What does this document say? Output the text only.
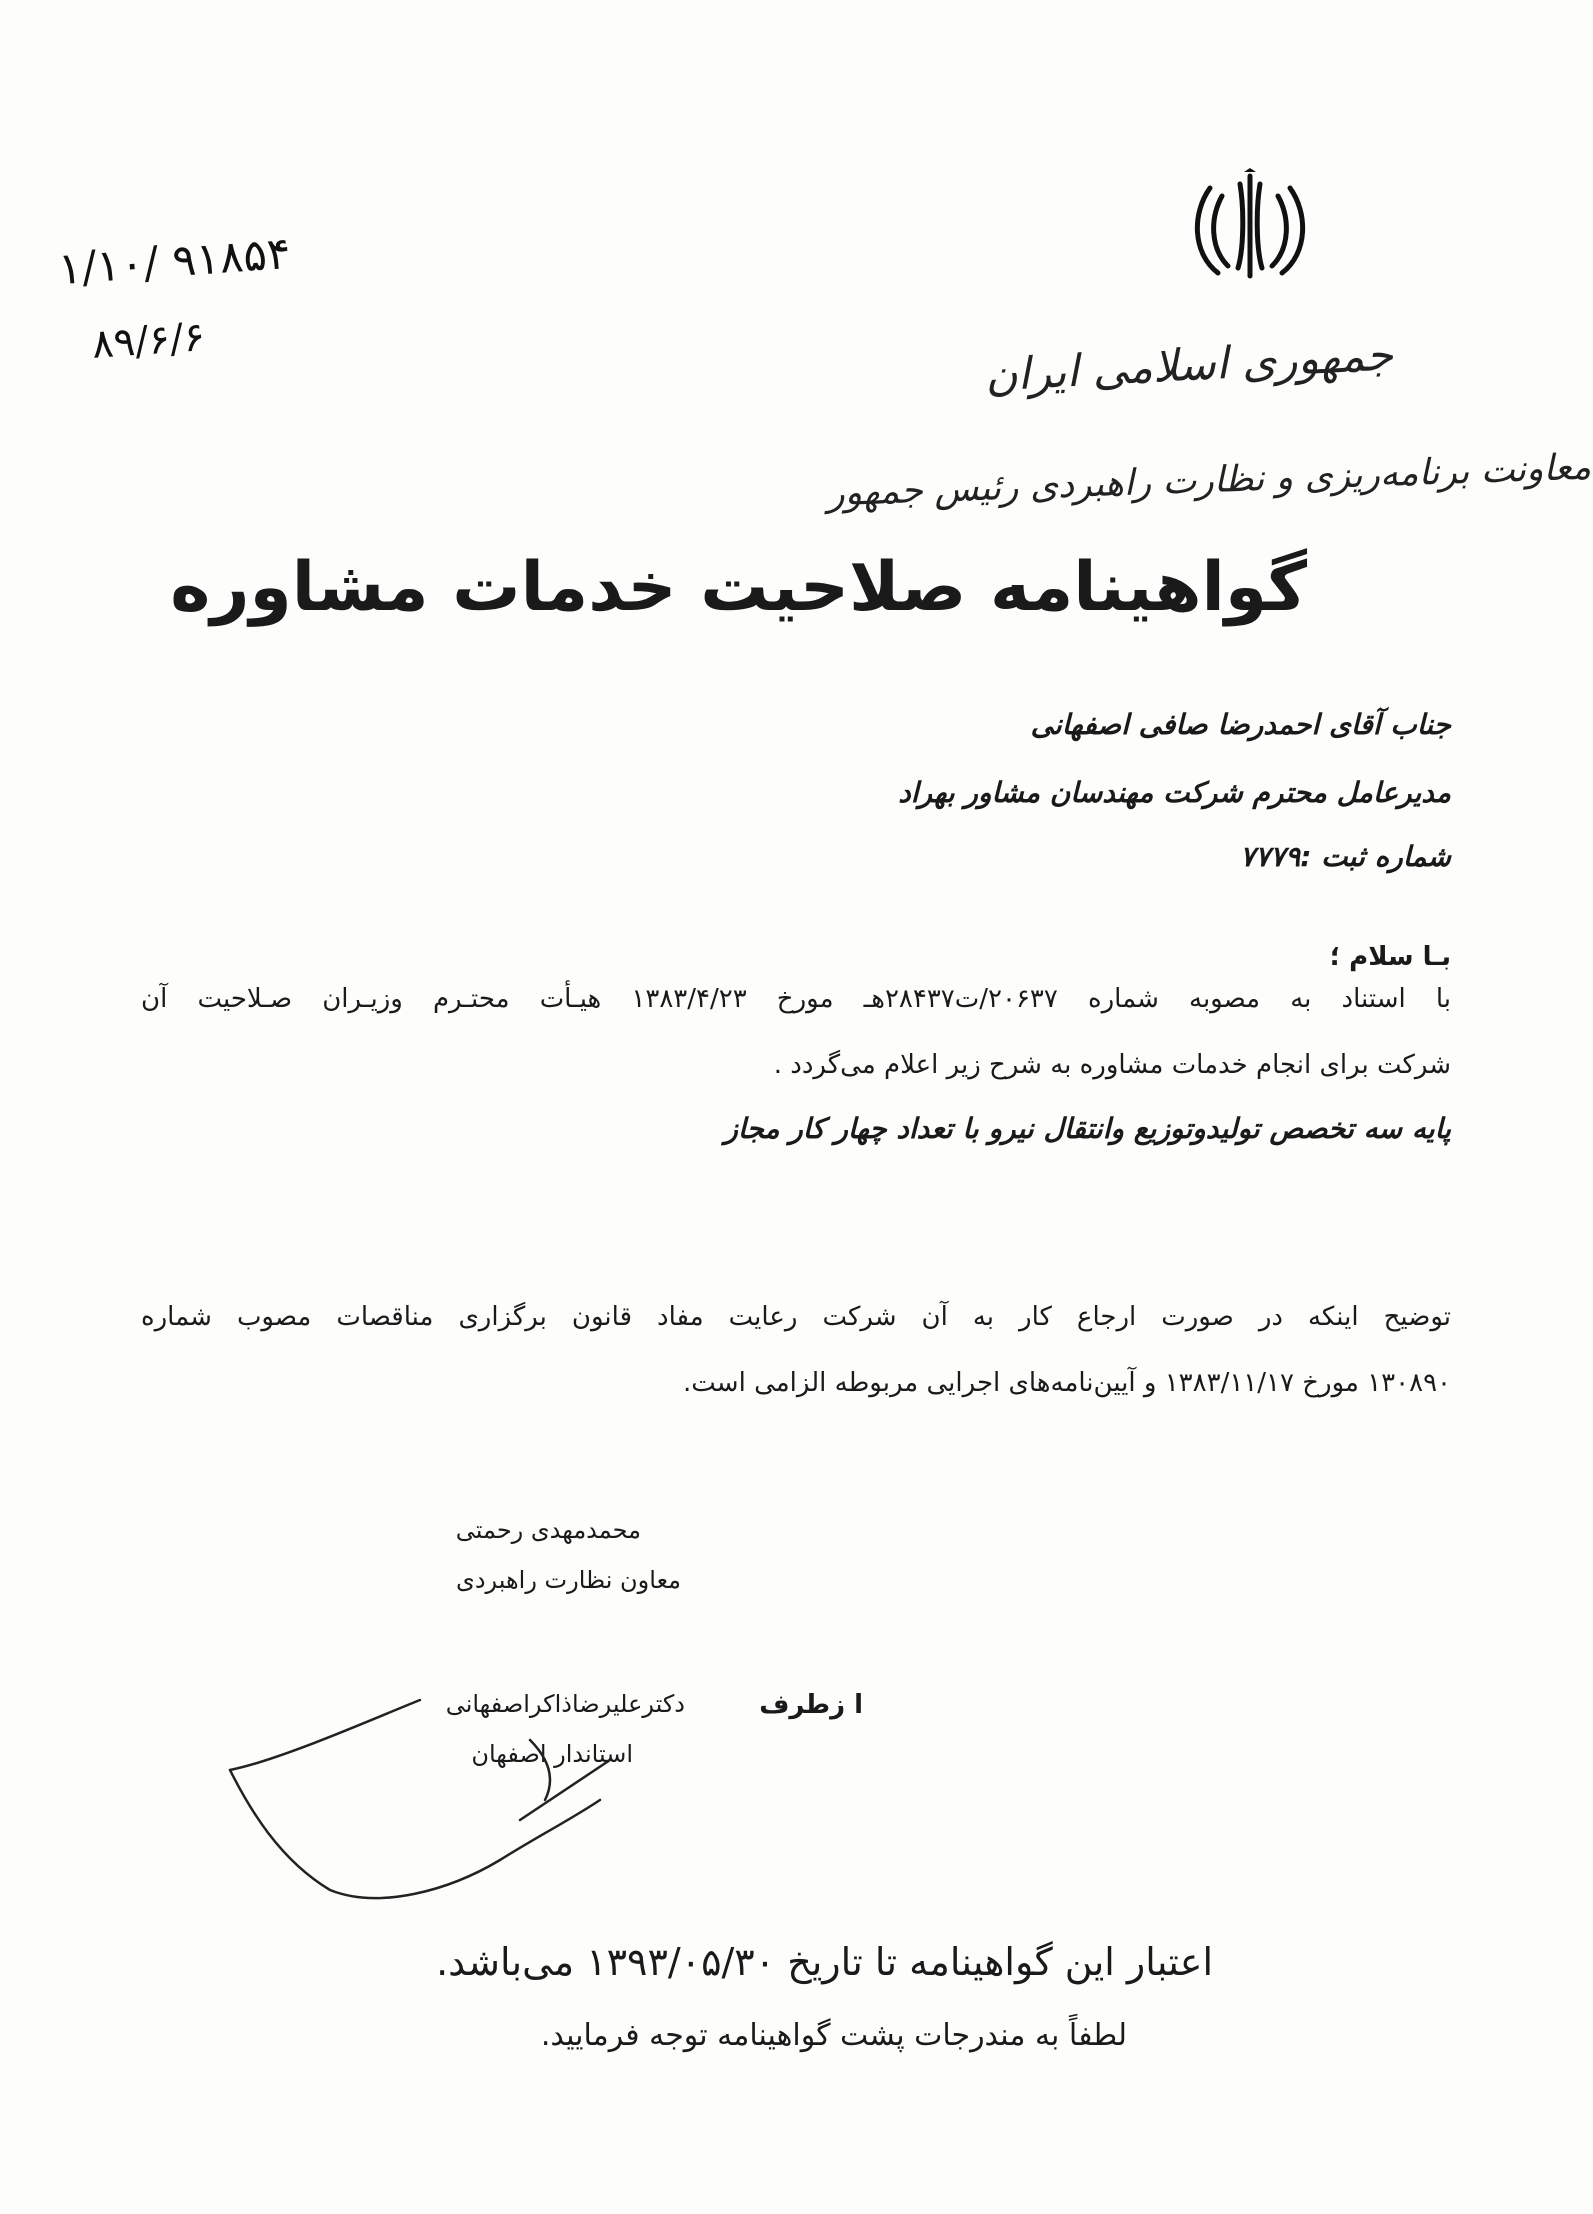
۱/۱۰/ ۹۱۸۵۴
۸۹/۶/۶	جمهوری اسلامی ایران
معاونت برنامه‌ریزی و نظارت راهبردی رئیس جمهور
گواهینامه صلاحیت خدمات مشاوره
جناب آقای احمدرضا صافی اصفهانی
مدیرعامل محترم شرکت مهندسان مشاور بهراد
شماره ثبت :۷۷۷۹
بـا سلام ؛
با استناد به مصوبه شماره ۲۰۶۳۷/ت۲۸۴۳۷هـ مورخ ۱۳۸۳/۴/۲۳ هیـأت محتـرم وزیـران صـلاحیت آن
شرکت برای انجام خدمات مشاوره به شرح زیر اعلام می‌گردد .
پایه سه تخصص تولیدوتوزیع وانتقال نیرو با تعداد چهار کار مجاز
توضیح اینکه در صورت ارجاع کار به آن شرکت رعایت مفاد قانون برگزاری مناقصات مصوب شماره
۱۳۰۸۹۰ مورخ ۱۳۸۳/۱۱/۱۷ و آیین‌نامه‌های اجرایی مربوطه الزامی است.
محمدمهدی رحمتی
معاون نظارت راهبردی
ا زطرف
دکترعلیرضاذاکراصفهانی
استاندار اصفهان
اعتبار این گواهینامه تا تاریخ ۱۳۹۳/۰۵/۳۰ می‌باشد.
لطفاً به مندرجات پشت گواهینامه توجه فرمایید.
